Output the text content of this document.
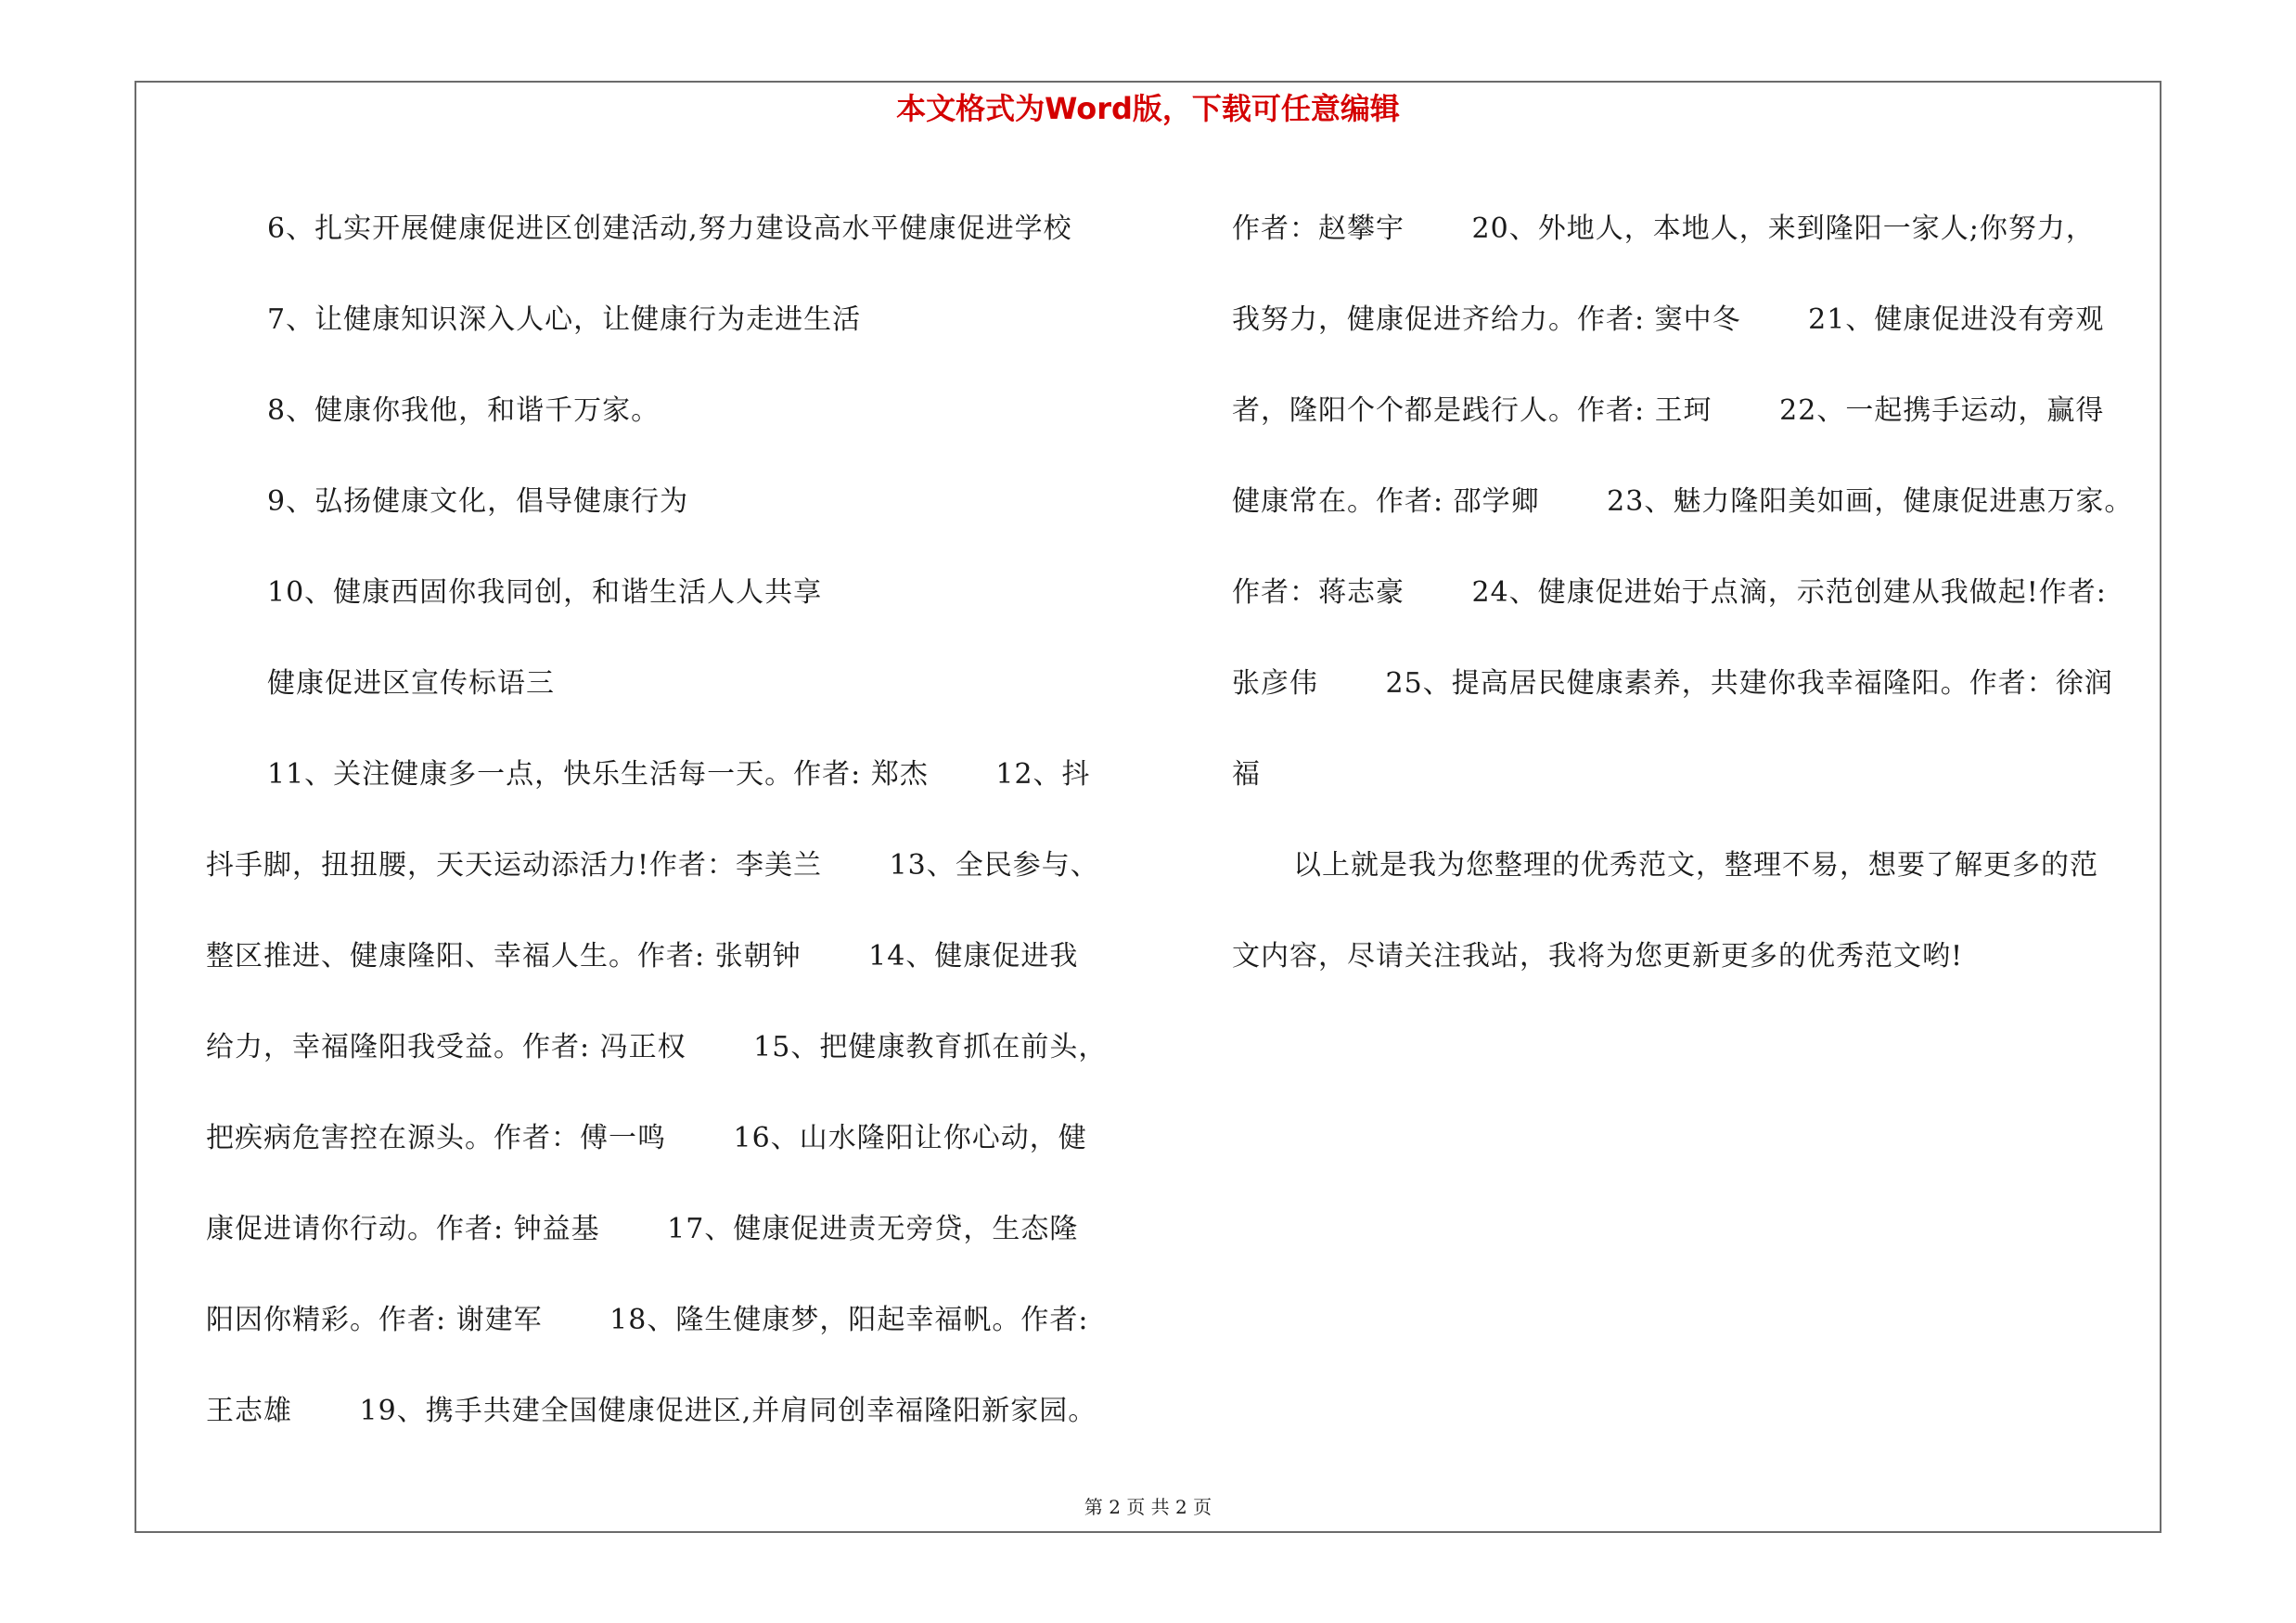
本文格式为Word版，下载可任意编辑
6、扎实开展健康促进区创建活动,努力建设高水平健康促进学校
7、让健康知识深入人心，让健康行为走进生活
8、健康你我他，和谐千万家。
9、弘扬健康文化，倡导健康行为
10、健康西固你我同创，和谐生活人人共享
健康促进区宣传标语三
11、关注健康多一点，快乐生活每一天。作者: 郑杰　　 12、抖
抖手脚，扭扭腰，天天运动添活力!作者：李美兰　　 13、全民参与、
整区推进、健康隆阳、幸福人生。作者: 张朝钟　　 14、健康促进我
给力，幸福隆阳我受益。作者: 冯正权　　 15、把健康教育抓在前头，
把疾病危害控在源头。作者：傅一鸣　　 16、山水隆阳让你心动，健
康促进请你行动。作者: 钟益基　　 17、健康促进责无旁贷，生态隆
阳因你精彩。作者: 谢建军　　 18、隆生健康梦，阳起幸福帆。作者:
王志雄　　 19、携手共建全国健康促进区,并肩同创幸福隆阳新家园。
作者：赵攀宇　　 20、外地人，本地人，来到隆阳一家人;你努力，
我努力，健康促进齐给力。作者: 窦中冬　　 21、健康促进没有旁观
者，隆阳个个都是践行人。作者: 王珂　　 22、一起携手运动，赢得
健康常在。作者: 邵学卿　　 23、魅力隆阳美如画，健康促进惠万家。
作者：蒋志豪　　 24、健康促进始于点滴，示范创建从我做起!作者:
张彦伟　　 25、提高居民健康素养，共建你我幸福隆阳。作者：徐润
福
以上就是我为您整理的优秀范文，整理不易，想要了解更多的范
文内容，尽请关注我站，我将为您更新更多的优秀范文哟!
第 2 页 共 2 页
